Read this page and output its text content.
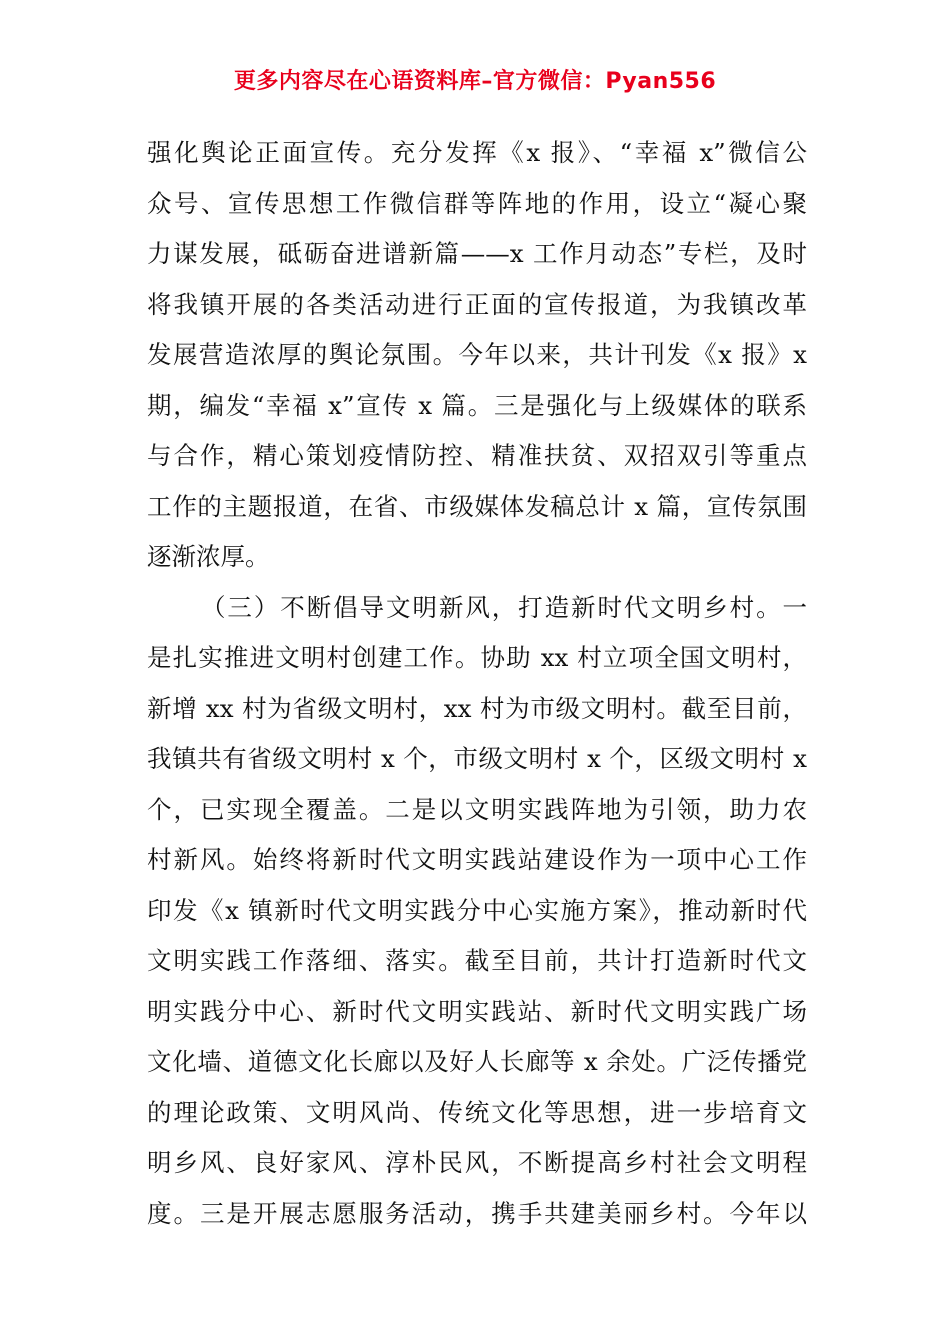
更多内容尽在心语资料库–官方微信：Pyan556
强化舆论正面宣传。充分发挥《x 报》、“幸福 x”微信公
众号、宣传思想工作微信群等阵地的作用，设立“凝心聚
力谋发展，砥砺奋进谱新篇——x 工作月动态”专栏，及时
将我镇开展的各类活动进行正面的宣传报道，为我镇改革
发展营造浓厚的舆论氛围。今年以来，共计刊发《x 报》x
期，编发“幸福 x”宣传 x 篇。三是强化与上级媒体的联系
与合作，精心策划疫情防控、精准扶贫、双招双引等重点
工作的主题报道，在省、市级媒体发稿总计 x 篇，宣传氛围
逐渐浓厚。
（三）不断倡导文明新风，打造新时代文明乡村。一
是扎实推进文明村创建工作。协助 xx 村立项全国文明村，
新增 xx 村为省级文明村，xx 村为市级文明村。截至目前，
我镇共有省级文明村 x 个，市级文明村 x 个，区级文明村 x
个，已实现全覆盖。二是以文明实践阵地为引领，助力农
村新风。始终将新时代文明实践站建设作为一项中心工作
印发《x 镇新时代文明实践分中心实施方案》，推动新时代
文明实践工作落细、落实。截至目前，共计打造新时代文
明实践分中心、新时代文明实践站、新时代文明实践广场
文化墙、道德文化长廊以及好人长廊等 x 余处。广泛传播党
的理论政策、文明风尚、传统文化等思想，进一步培育文
明乡风、良好家风、淳朴民风，不断提高乡村社会文明程
度。三是开展志愿服务活动，携手共建美丽乡村。今年以
